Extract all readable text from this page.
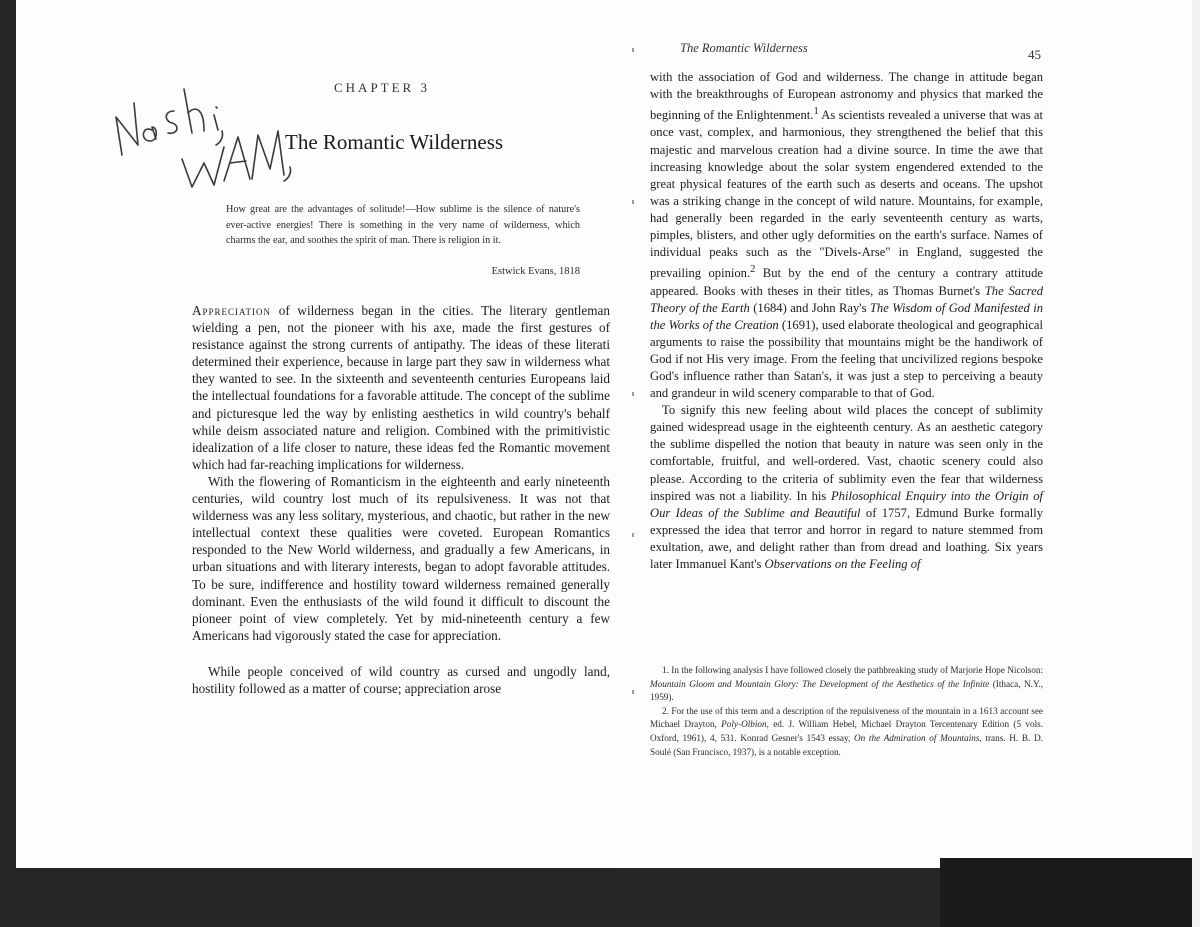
CHAPTER 3
The Romantic Wilderness
How great are the advantages of solitude!—How sublime is the silence of nature's ever-active energies! There is something in the very name of wilderness, which charms the ear, and soothes the spirit of man. There is religion in it.
Estwick Evans, 1818

Appreciation of wilderness began in the cities. The literary gentleman wielding a pen, not the pioneer with his axe, made the first gestures of resistance against the strong currents of antipathy. The ideas of these literati determined their experience, because in large part they saw in wilderness what they wanted to see. In the sixteenth and seventeenth centuries Europeans laid the intellectual foundations for a favorable attitude. The concept of the sublime and picturesque led the way by enlisting aesthetics in wild country's behalf while deism associated nature and religion. Combined with the primitivistic idealization of a life closer to nature, these ideas fed the Romantic movement which had far-reaching implications for wilderness.

With the flowering of Romanticism in the eighteenth and early nineteenth centuries, wild country lost much of its repulsiveness. It was not that wilderness was any less solitary, mysterious, and chaotic, but rather in the new intellectual context these qualities were coveted. European Romantics responded to the New World wilderness, and gradually a few Americans, in urban situations and with literary interests, began to adopt favorable attitudes. To be sure, indifference and hostility toward wilderness remained generally dominant. Even the enthusiasts of the wild found it difficult to discount the pioneer point of view completely. Yet by mid-nineteenth century a few Americans had vigorously stated the case for appreciation.

While people conceived of wild country as cursed and ungodly land, hostility followed as a matter of course; appreciation arose

The Romantic Wilderness	45

with the association of God and wilderness. The change in attitude began with the breakthroughs of European astronomy and physics that marked the beginning of the Enlightenment.$^1$ As scientists revealed a universe that was at once vast, complex, and harmonious, they strengthened the belief that this majestic and marvelous creation had a divine source. In time the awe that increasing knowledge about the solar system engendered extended to the great physical features of the earth such as deserts and oceans. The upshot was a striking change in the concept of wild nature. Mountains, for example, had generally been regarded in the early seventeenth century as warts, pimples, blisters, and other ugly deformities on the earth's surface. Names of individual peaks such as the "Divels-Arse" in England, suggested the prevailing opinion.$^2$ But by the end of the century a contrary attitude appeared. Books with theses in their titles, as Thomas Burnet's The Sacred Theory of the Earth (1684) and John Ray's The Wisdom of God Manifested in the Works of the Creation (1691), used elaborate theological and geographical arguments to raise the possibility that mountains might be the handiwork of God if not His very image. From the feeling that uncivilized regions bespoke God's influence rather than Satan's, it was just a step to perceiving a beauty and grandeur in wild scenery comparable to that of God.

To signify this new feeling about wild places the concept of sublimity gained widespread usage in the eighteenth century. As an aesthetic category the sublime dispelled the notion that beauty in nature was seen only in the comfortable, fruitful, and well-ordered. Vast, chaotic scenery could also please. According to the criteria of sublimity even the fear that wilderness inspired was not a liability. In his Philosophical Enquiry into the Origin of Our Ideas of the Sublime and Beautiful of 1757, Edmund Burke formally expressed the idea that terror and horror in regard to nature stemmed from exultation, awe, and delight rather than from dread and loathing. Six years later Immanuel Kant's Observations on the Feeling of

1. In the following analysis I have followed closely the pathbreaking study of Marjorie Hope Nicolson: Mountain Gloom and Mountain Glory: The Development of the Aesthetics of the Infinite (Ithaca, N.Y., 1959).

2. For the use of this term and a description of the repulsiveness of the mountain in a 1613 account see Michael Drayton, Poly-Olbion, ed. J. William Hebel, Michael Drayton Tercentenary Edition (5 vols. Oxford, 1961), 4, 531. Konrad Gesner's 1543 essay, On the Admiration of Mountains, trans. H. B. D. Soulé (San Francisco, 1937), is a notable exception.
